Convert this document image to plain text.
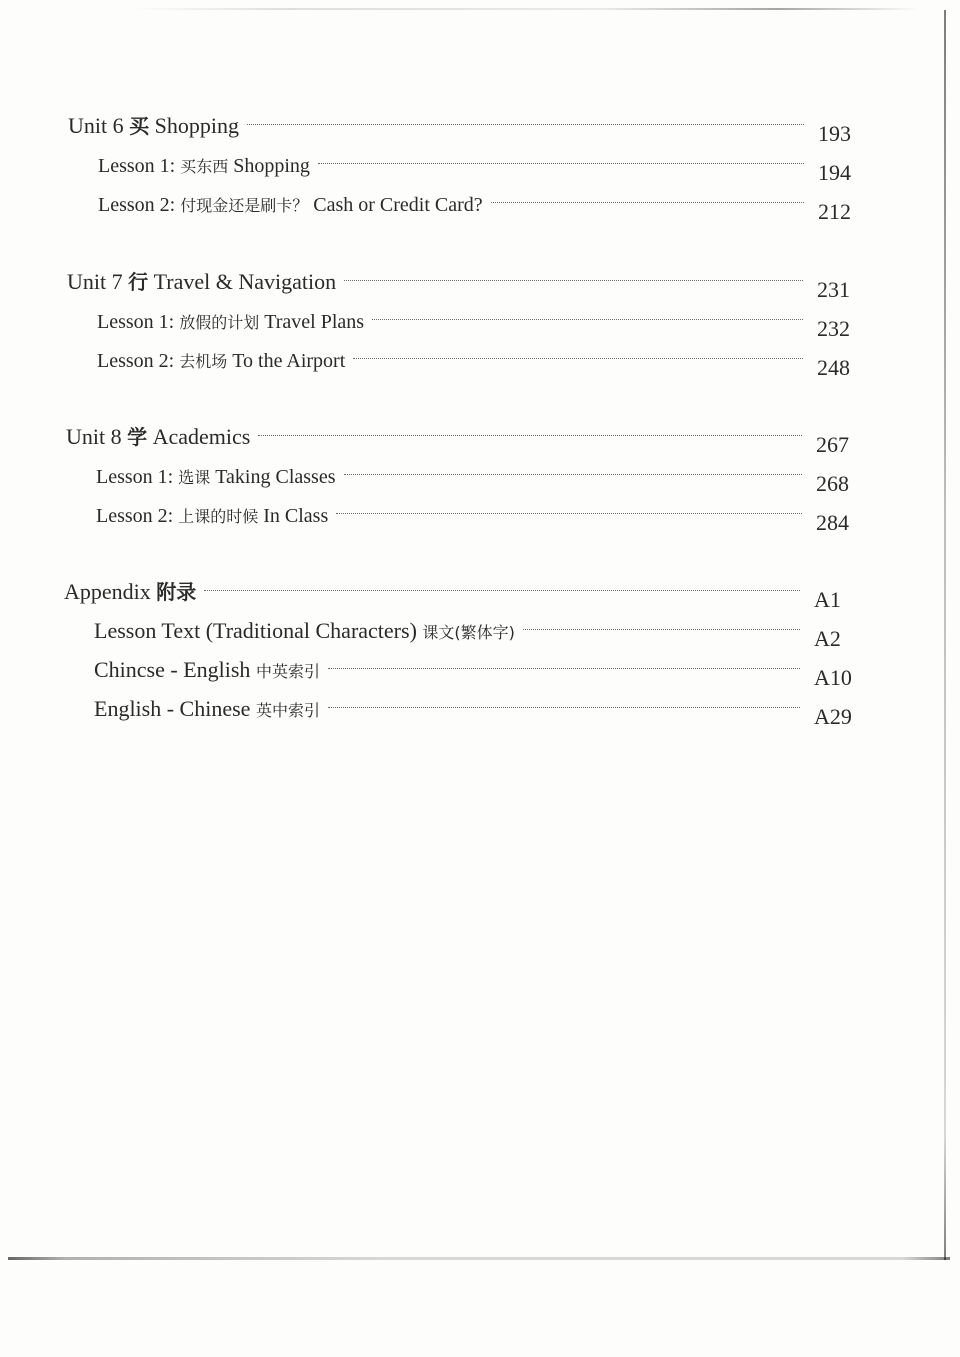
Unit 6 买 Shopping	193
Lesson 1: 买东西 Shopping	194
Lesson 2: 付现金还是刷卡？ Cash or Credit Card?	212
Unit 7 行 Travel & Navigation	231
Lesson 1: 放假的计划 Travel Plans	232
Lesson 2: 去机场 To the Airport	248
Unit 8 学 Academics	267
Lesson 1: 选课 Taking Classes	268
Lesson 2: 上课的时候 In Class	284
Appendix 附录	A1
Lesson Text (Traditional Characters) 课文(繁体字)	A2
Chincse - English 中英索引	A10
English - Chinese 英中索引	A29
